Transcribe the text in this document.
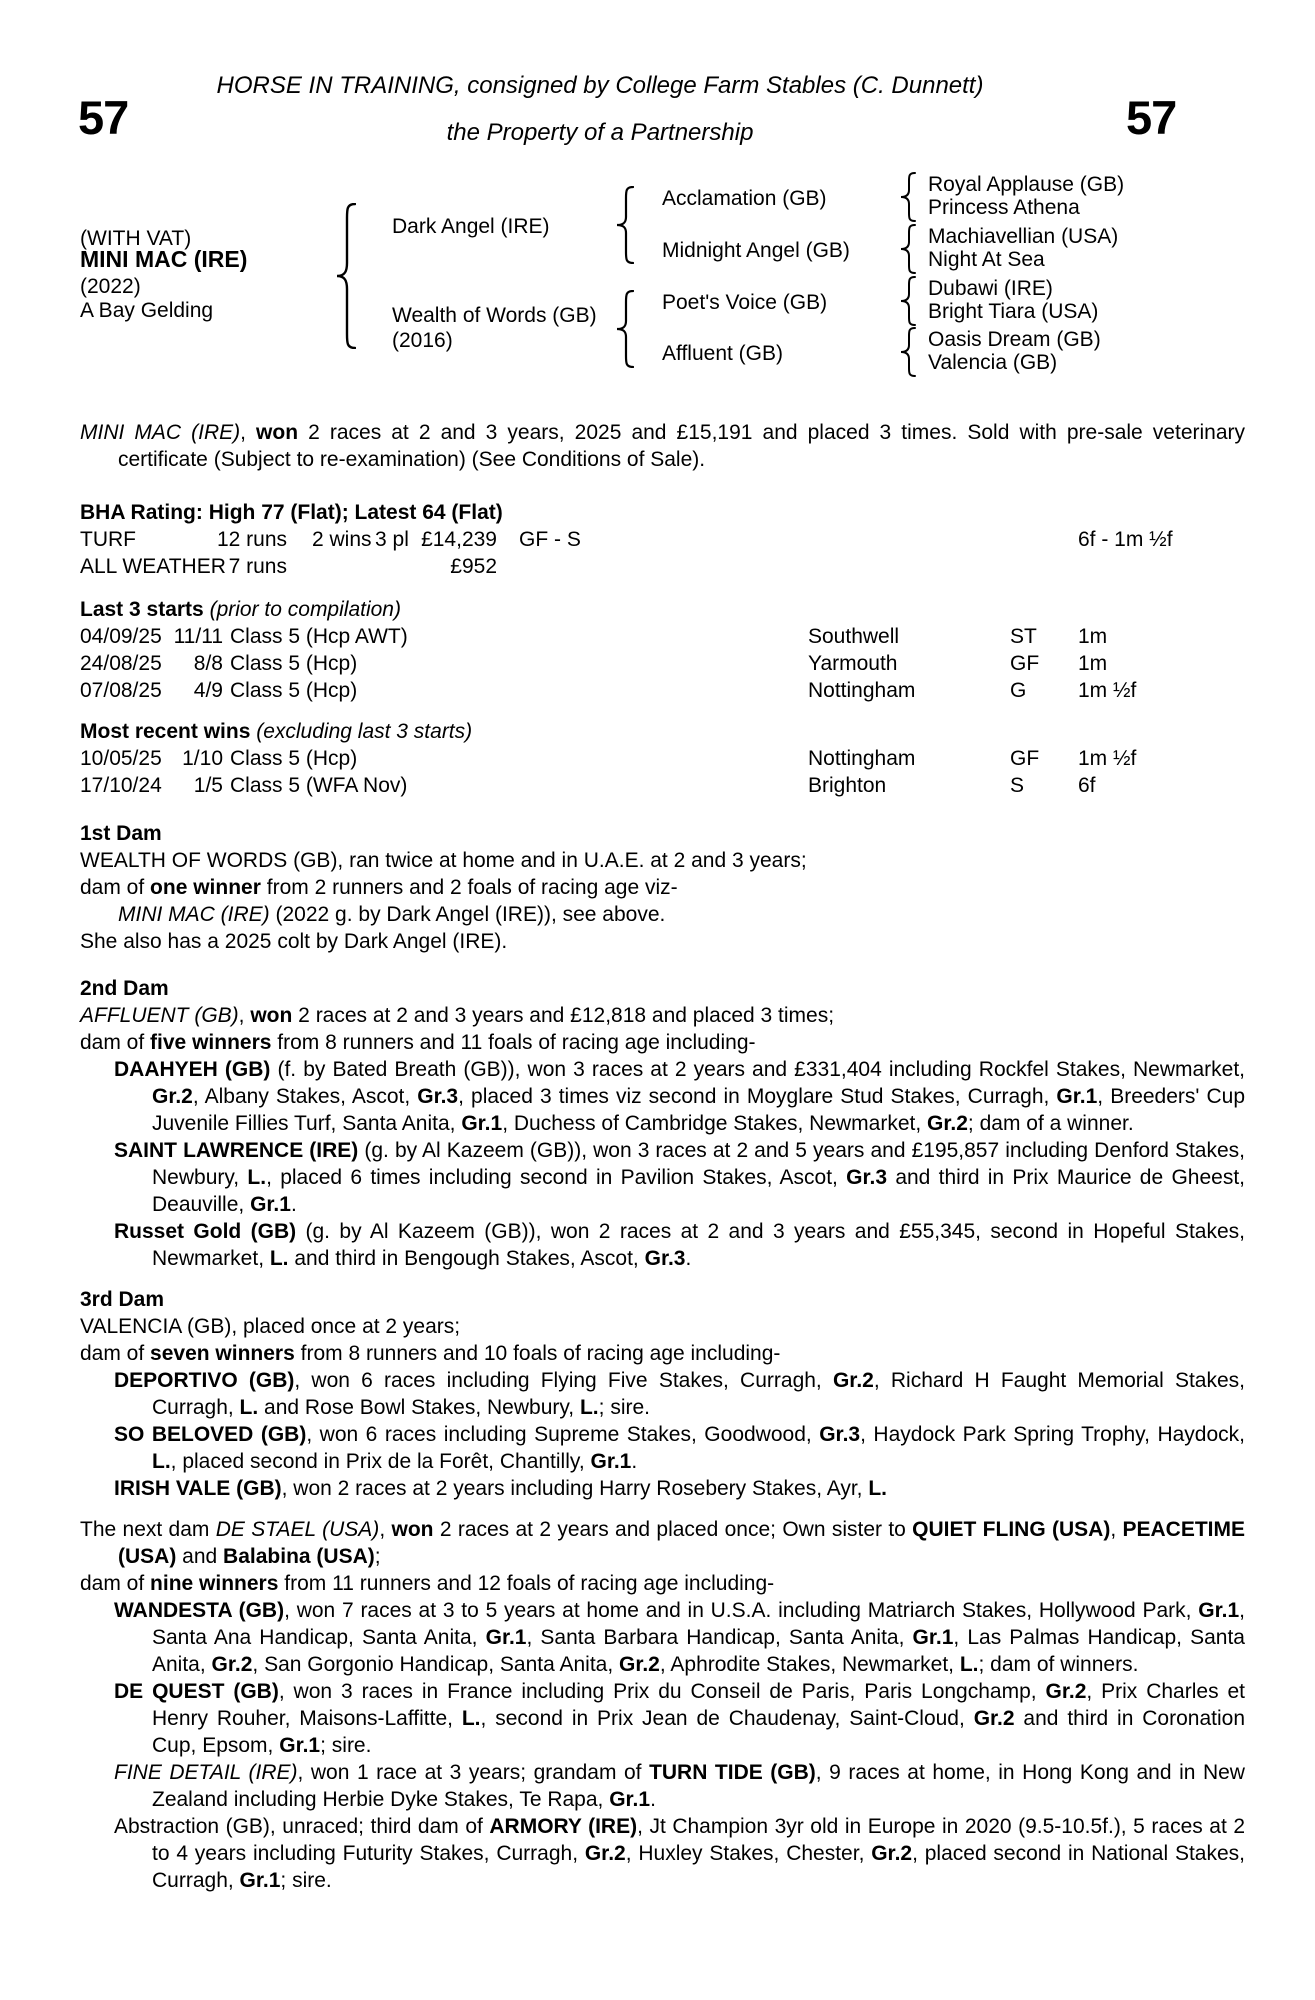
HORSE IN TRAINING, consigned by College Farm Stables (C. Dunnett)
57	57
the Property of a Partnership
(WITH VAT)
MINI MAC (IRE)
(2022)
A Bay Gelding
Dark Angel (IRE)
Wealth of Words (GB)
(2016)
Acclamation (GB)
Midnight Angel (GB)
Poet's Voice (GB)
Affluent (GB)
Royal Applause (GB)
Princess Athena
Machiavellian (USA)
Night At Sea
Dubawi (IRE)
Bright Tiara (USA)
Oasis Dream (GB)
Valencia (GB)

MINI MAC (IRE), won 2 races at 2 and 3 years, 2025 and £15,191 and placed 3 times. Sold with pre-sale veterinary certificate (Subject to re-examination) (See Conditions of Sale).

BHA Rating: High 77 (Flat); Latest 64 (Flat)
TURF	12 runs 2 wins 3 pl £14,239 GF - S	6f - 1m ½f
ALL WEATHER 7 runs	£952
Last 3 starts (prior to compilation)
04/09/25 11/11 Class 5 (Hcp AWT)	Southwell	ST 1m
24/08/25	8/8 Class 5 (Hcp)	Yarmouth	GF 1m
07/08/25	4/9 Class 5 (Hcp)	Nottingham	G 1m ½f
Most recent wins (excluding last 3 starts)
10/05/25 1/10 Class 5 (Hcp)	Nottingham	GF 1m ½f
17/10/24	1/5 Class 5 (WFA Nov)	Brighton	S	6f
1st Dam

WEALTH OF WORDS (GB), ran twice at home and in U.A.E. at 2 and 3 years;

dam of one winner from 2 runners and 2 foals of racing age viz-

MINI MAC (IRE) (2022 g. by Dark Angel (IRE)), see above.

She also has a 2025 colt by Dark Angel (IRE).

2nd Dam

AFFLUENT (GB), won 2 races at 2 and 3 years and £12,818 and placed 3 times;

dam of five winners from 8 runners and 11 foals of racing age including-

DAAHYEH (GB) (f. by Bated Breath (GB)), won 3 races at 2 years and £331,404 including Rockfel Stakes, Newmarket, Gr.2, Albany Stakes, Ascot, Gr.3, placed 3 times viz second in Moyglare Stud Stakes, Curragh, Gr.1, Breeders' Cup Juvenile Fillies Turf, Santa Anita, Gr.1, Duchess of Cambridge Stakes, Newmarket, Gr.2; dam of a winner.

SAINT LAWRENCE (IRE) (g. by Al Kazeem (GB)), won 3 races at 2 and 5 years and £195,857 including Denford Stakes, Newbury, L., placed 6 times including second in Pavilion Stakes, Ascot, Gr.3 and third in Prix Maurice de Gheest, Deauville, Gr.1.

Russet Gold (GB) (g. by Al Kazeem (GB)), won 2 races at 2 and 3 years and £55,345, second in Hopeful Stakes, Newmarket, L. and third in Bengough Stakes, Ascot, Gr.3.

3rd Dam

VALENCIA (GB), placed once at 2 years;

dam of seven winners from 8 runners and 10 foals of racing age including-

DEPORTIVO (GB), won 6 races including Flying Five Stakes, Curragh, Gr.2, Richard H Faught Memorial Stakes, Curragh, L. and Rose Bowl Stakes, Newbury, L.; sire.

SO BELOVED (GB), won 6 races including Supreme Stakes, Goodwood, Gr.3, Haydock Park Spring Trophy, Haydock, L., placed second in Prix de la Forêt, Chantilly, Gr.1.

IRISH VALE (GB), won 2 races at 2 years including Harry Rosebery Stakes, Ayr, L.

The next dam DE STAEL (USA), won 2 races at 2 years and placed once; Own sister to QUIET FLING (USA), PEACETIME (USA) and Balabina (USA);

dam of nine winners from 11 runners and 12 foals of racing age including-

WANDESTA (GB), won 7 races at 3 to 5 years at home and in U.S.A. including Matriarch Stakes, Hollywood Park, Gr.1, Santa Ana Handicap, Santa Anita, Gr.1, Santa Barbara Handicap, Santa Anita, Gr.1, Las Palmas Handicap, Santa Anita, Gr.2, San Gorgonio Handicap, Santa Anita, Gr.2, Aphrodite Stakes, Newmarket, L.; dam of winners.

DE QUEST (GB), won 3 races in France including Prix du Conseil de Paris, Paris Longchamp, Gr.2, Prix Charles et Henry Rouher, Maisons-Laffitte, L., second in Prix Jean de Chaudenay, Saint-Cloud, Gr.2 and third in Coronation Cup, Epsom, Gr.1; sire.

FINE DETAIL (IRE), won 1 race at 3 years; grandam of TURN TIDE (GB), 9 races at home, in Hong Kong and in New Zealand including Herbie Dyke Stakes, Te Rapa, Gr.1.

Abstraction (GB), unraced; third dam of ARMORY (IRE), Jt Champion 3yr old in Europe in 2020 (9.5-10.5f.), 5 races at 2 to 4 years including Futurity Stakes, Curragh, Gr.2, Huxley Stakes, Chester, Gr.2, placed second in National Stakes, Curragh, Gr.1; sire.
